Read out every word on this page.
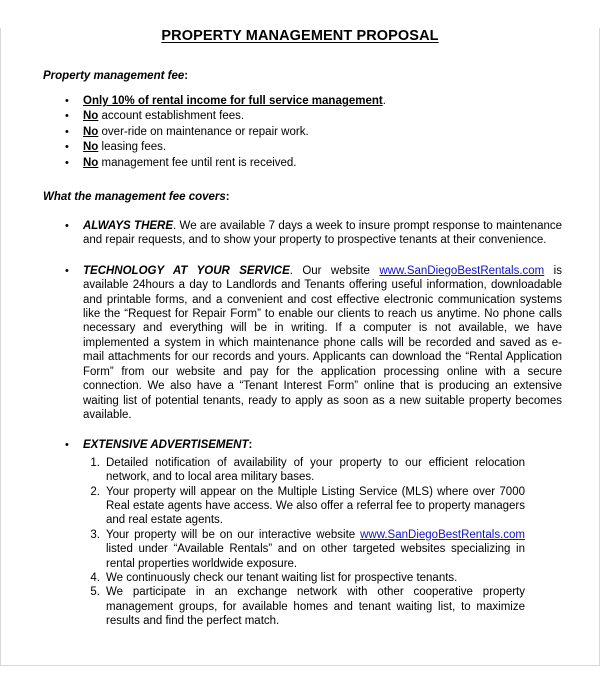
PROPERTY MANAGEMENT PROPOSAL
Property management fee:
• Only 10% of rental income for full service management.
• No account establishment fees.
• No over-ride on maintenance or repair work.
• No leasing fees.
• No management fee until rent is received.
What the management fee covers:
• ALWAYS THERE. We are available 7 days a week to insure prompt response to maintenance and repair requests, and to show your property to prospective tenants at their convenience.
• TECHNOLOGY AT YOUR SERVICE. Our website www.SanDiegoBestRentals.com is available 24hours a day to Landlords and Tenants offering useful information, downloadable and printable forms, and a convenient and cost effective electronic communication systems like the “Request for Repair Form” to enable our clients to reach us anytime. No phone calls necessary and everything will be in writing. If a computer is not available, we have implemented a system in which maintenance phone calls will be recorded and saved as e-mail attachments for our records and yours. Applicants can download the “Rental Application Form” from our website and pay for the application processing online with a secure connection. We also have a “Tenant Interest Form” online that is producing an extensive waiting list of potential tenants, ready to apply as soon as a new suitable property becomes available.
• EXTENSIVE ADVERTISEMENT:
1. Detailed notification of availability of your property to our efficient relocation network, and to local area military bases.
2. Your property will appear on the Multiple Listing Service (MLS) where over 7000 Real estate agents have access. We also offer a referral fee to property managers and real estate agents.
3. Your property will be on our interactive website www.SanDiegoBestRentals.com listed under “Available Rentals” and on other targeted websites specializing in rental properties worldwide exposure.
4. We continuously check our tenant waiting list for prospective tenants.
5. We participate in an exchange network with other cooperative property management groups, for available homes and tenant waiting list, to maximize results and find the perfect match.
